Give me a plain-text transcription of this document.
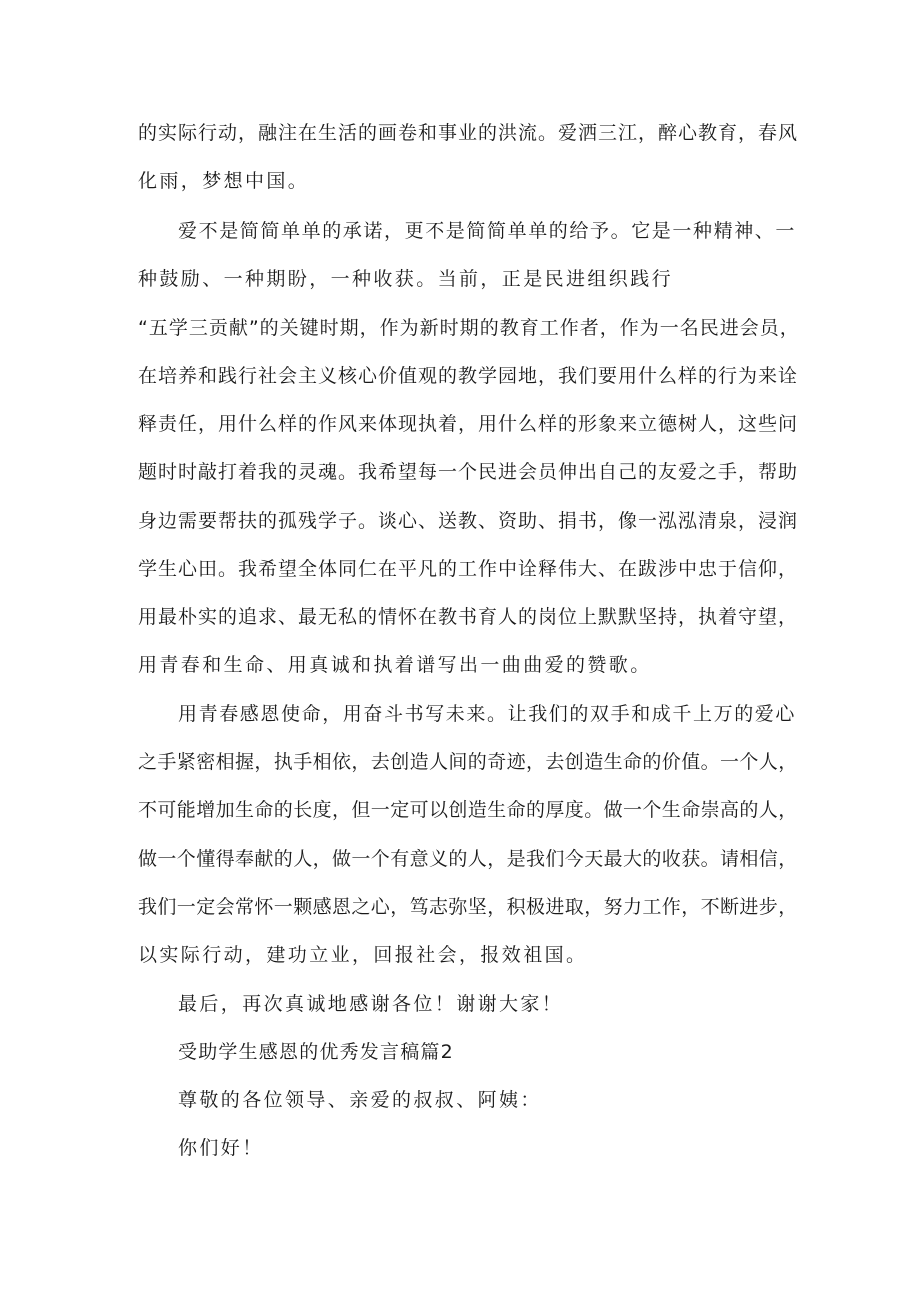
的实际行动，融注在生活的画卷和事业的洪流。爱洒三江，醉心教育，春风
化雨，梦想中国。
爱不是简简单单的承诺，更不是简简单单的给予。它是一种精神、一
种鼓励、一种期盼，一种收获。当前，正是民进组织践行
“五学三贡献”的关键时期，作为新时期的教育工作者，作为一名民进会员，
在培养和践行社会主义核心价值观的教学园地，我们要用什么样的行为来诠
释责任，用什么样的作风来体现执着，用什么样的形象来立德树人，这些问
题时时敲打着我的灵魂。我希望每一个民进会员伸出自己的友爱之手，帮助
身边需要帮扶的孤残学子。谈心、送教、资助、捐书，像一泓泓清泉，浸润
学生心田。我希望全体同仁在平凡的工作中诠释伟大、在跋涉中忠于信仰，
用最朴实的追求、最无私的情怀在教书育人的岗位上默默坚持，执着守望，
用青春和生命、用真诚和执着谱写出一曲曲爱的赞歌。
用青春感恩使命，用奋斗书写未来。让我们的双手和成千上万的爱心
之手紧密相握，执手相依，去创造人间的奇迹，去创造生命的价值。一个人，
不可能增加生命的长度，但一定可以创造生命的厚度。做一个生命崇高的人，
做一个懂得奉献的人，做一个有意义的人，是我们今天最大的收获。请相信，
我们一定会常怀一颗感恩之心，笃志弥坚，积极进取，努力工作，不断进步，
以实际行动，建功立业，回报社会，报效祖国。
最后，再次真诚地感谢各位！谢谢大家！
受助学生感恩的优秀发言稿篇2
尊敬的各位领导、亲爱的叔叔、阿姨：
你们好！
